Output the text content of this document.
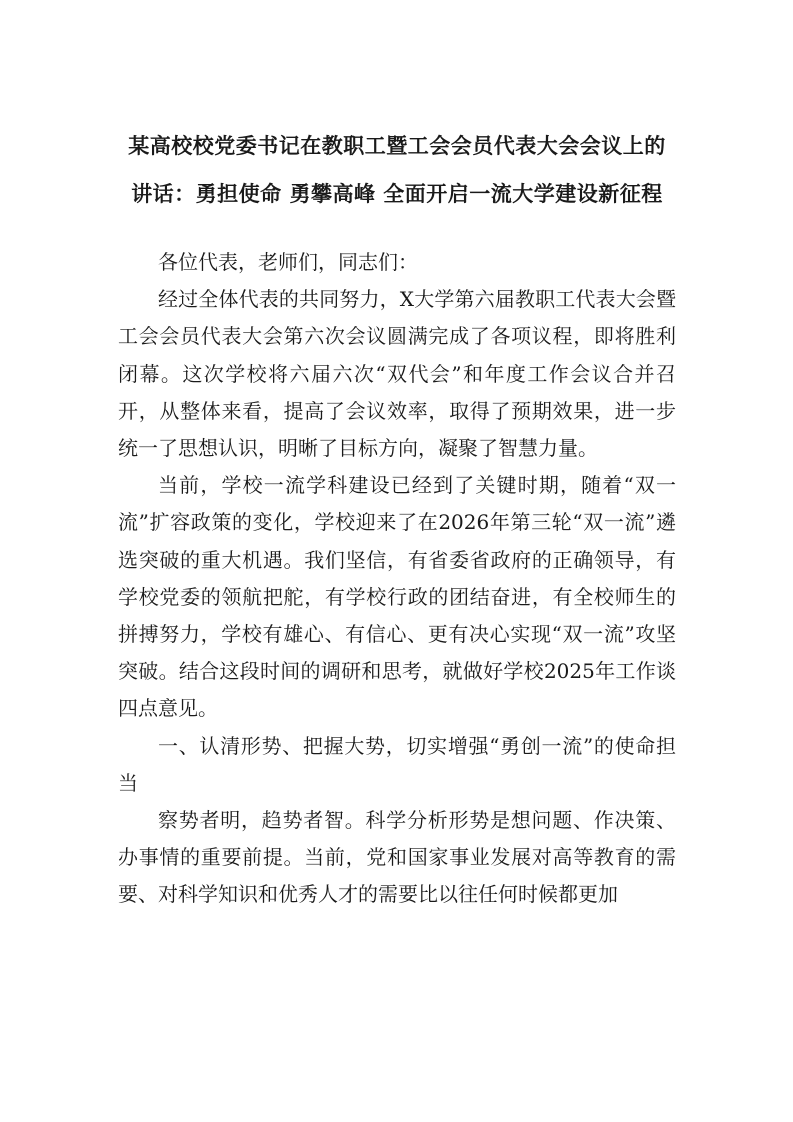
某高校校党委书记在教职工暨工会会员代表大会会议上的
讲话：勇担使命 勇攀高峰 全面开启一流大学建设新征程

各位代表，老师们，同志们：

经过全体代表的共同努力，X大学第六届教职工代表大会暨工会会员代表大会第六次会议圆满完成了各项议程，即将胜利闭幕。这次学校将六届六次“双代会”和年度工作会议合并召开，从整体来看，提高了会议效率，取得了预期效果，进一步统一了思想认识，明晰了目标方向，凝聚了智慧力量。

当前，学校一流学科建设已经到了关键时期，随着“双一流”扩容政策的变化，学校迎来了在2026年第三轮“双一流”遴选突破的重大机遇。我们坚信，有省委省政府的正确领导，有学校党委的领航把舵，有学校行政的团结奋进，有全校师生的拼搏努力，学校有雄心、有信心、更有决心实现“双一流”攻坚突破。结合这段时间的调研和思考，就做好学校2025年工作谈四点意见。

一、认清形势、把握大势，切实增强“勇创一流”的使命担当

察势者明，趋势者智。科学分析形势是想问题、作决策、办事情的重要前提。当前，党和国家事业发展对高等教育的需要、对科学知识和优秀人才的需要比以往任何时候都更加
